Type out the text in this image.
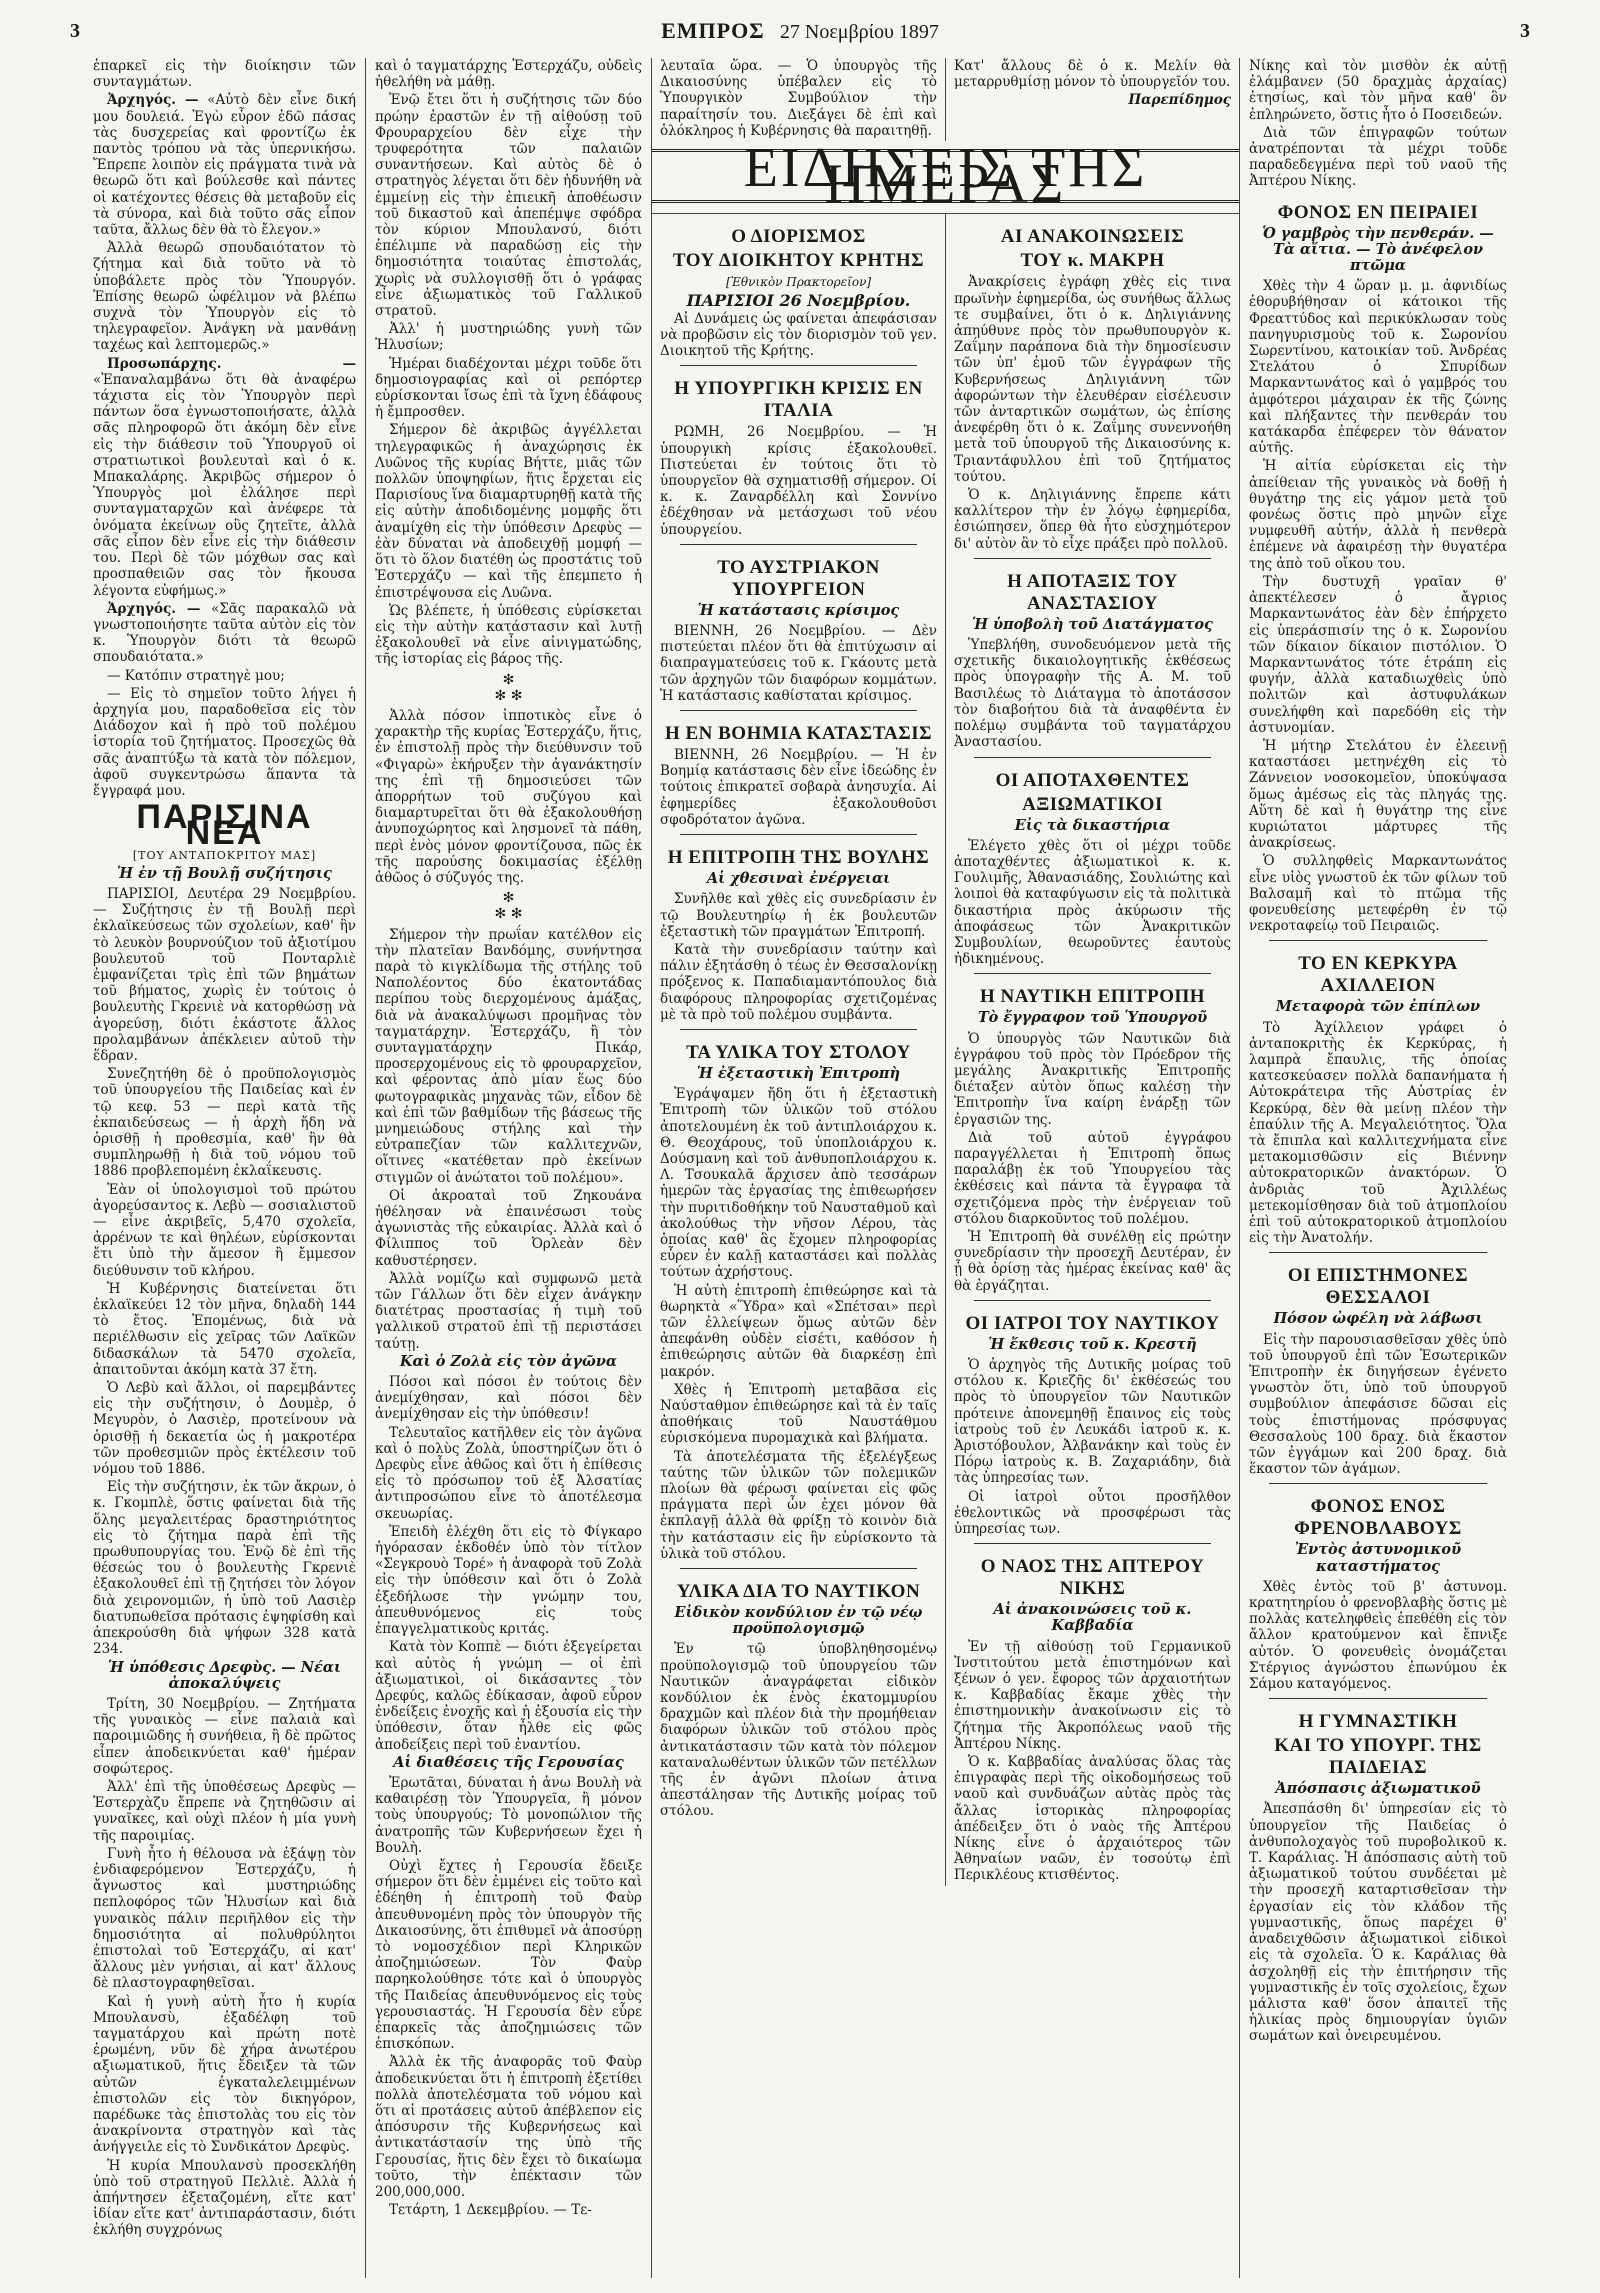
3	ΕΜΠΡΟΣ 27 Νοεμβρίου 1897	3

ἐπαρκεῖ εἰς τὴν διοίκησιν τῶν συνταγμάτων.

Ἀρχηγός. — «Αὐτὸ δὲν εἶνε δική μου δουλειά. Ἐγὼ εὗρον ἐδῶ πάσας τὰς δυσχερείας καὶ φροντίζω ἐκ παντὸς τρόπου νὰ τὰς ὑπερνικήσω. Ἔπρεπε λοιπὸν εἰς πράγματα τινὰ νὰ θεωρῶ ὅτι καὶ βούλεσθε καὶ πάντες οἱ κατέχοντες θέσεις θὰ μεταβοῦν εἰς τὰ σύνορα, καὶ διὰ τοῦτο σᾶς εἶπον ταῦτα, ἄλλως δὲν θὰ τὸ ἔλεγον.»

Ἀλλὰ θεωρῶ σπουδαιότατον τὸ ζήτημα καὶ διὰ τοῦτο νὰ τὸ ὑποβάλετε πρὸς τὸν Ὑπουργόν. Ἐπίσης θεωρῶ ὠφέλιμον νὰ βλέπω συχνὰ τὸν Ὑπουργὸν εἰς τὸ τηλεγραφεῖον. Ἀνάγκη νὰ μανθάνῃ ταχέως καὶ λεπτομερῶς.»

Προσωπάρχης. — «Ἐπαναλαμβάνω ὅτι θὰ ἀναφέρω τάχιστα εἰς τὸν Ὑπουργὸν περὶ πάντων ὅσα ἐγνωστοποιήσατε, ἀλλὰ σᾶς πληροφορῶ ὅτι ἀκόμη δὲν εἶνε εἰς τὴν διάθεσιν τοῦ Ὑπουργοῦ οἱ στρατιωτικοὶ βουλευταὶ καὶ ὁ κ. Μπακαλάρης. Ἀκριβῶς σήμερον ὁ Ὑπουργὸς μοὶ ἐλάλησε περὶ συνταγματαρχῶν καὶ ἀνέφερε τὰ ὀνόματα ἐκείνων οὓς ζητεῖτε, ἀλλὰ σᾶς εἶπον δὲν εἶνε εἰς τὴν διάθεσιν του. Περὶ δὲ τῶν μόχθων σας καὶ προσπαθειῶν σας τὸν ἤκουσα λέγοντα εὐφήμως.»

Ἀρχηγός. — «Σᾶς παρακαλῶ νὰ γνωστοποιήσητε ταῦτα αὐτὸν εἰς τὸν κ. Ὑπουργὸν διότι τὰ θεωρῶ σπουδαιότατα.»

— Κατόπιν στρατηγὲ μου;

— Εἰς τὸ σημεῖον τοῦτο λήγει ἡ ἀρχηγία μου, παραδοθεῖσα εἰς τὸν Διάδοχον καὶ ἡ πρὸ τοῦ πολέμου ἱστορία τοῦ ζητήματος. Προσεχῶς θὰ σᾶς ἀναπτύξω τὰ κατὰ τὸν πόλεμον, ἀφοῦ συγκεντρώσω ἅπαντα τὰ ἔγγραφά μου.

ΠΑΡΙΣΙΝΑ ΝΕΑ
[ΤΟΥ ΑΝΤΑΠΟΚΡΙΤΟΥ ΜΑΣ]
Ἡ ἐν τῇ Βουλῇ συζήτησις

ΠΑΡΙΣΙΟΙ, Δευτέρα 29 Νοεμβρίου. — Συζήτησις ἐν τῇ Βουλῇ περὶ ἐκλαϊκεύσεως τῶν σχολείων, καθ' ἣν τὸ λευκὸν βουρνούζιον τοῦ ἀξιοτίμου βουλευτοῦ τοῦ Πονταρλιὲ ἐμφανίζεται τρὶς ἐπὶ τῶν βημάτων τοῦ βήματος, χωρὶς ἐν τούτοις ὁ βουλευτὴς Γκρενιὲ νὰ κατορθώσῃ νὰ ἀγορεύσῃ, διότι ἐκάστοτε ἄλλος προλαμβάνων ἀπέκλειεν αὐτοῦ τὴν ἕδραν.

Συνεζητήθη δὲ ὁ προϋπολογισμὸς τοῦ ὑπουργείου τῆς Παιδείας καὶ ἐν τῷ κεφ. 53 — περὶ κατὰ τῆς ἐκπαιδεύσεως — ἡ ἀρχὴ ἤδη νὰ ὁρισθῇ ἡ προθεσμία, καθ' ἣν θὰ συμπληρωθῇ ἡ διὰ τοῦ νόμου τοῦ 1886 προβλεπομένη ἐκλαΐκευσις.

Ἐὰν οἱ ὑπολογισμοὶ τοῦ πρώτου ἀγορεύσαντος κ. Λεβὺ — σοσιαλιστοῦ — εἶνε ἀκριβεῖς, 5,470 σχολεῖα, ἀρρένων τε καὶ θηλέων, εὑρίσκονται ἔτι ὑπὸ τὴν ἄμεσον ἢ ἔμμεσον διεύθυνσιν τοῦ κλήρου.

Ἡ Κυβέρνησις διατείνεται ὅτι ἐκλαϊκεύει 12 τὸν μῆνα, δηλαδὴ 144 τὸ ἔτος. Ἑπομένως, διὰ νὰ περιέλθωσιν εἰς χεῖρας τῶν Λαϊκῶν διδασκάλων τὰ 5470 σχολεῖα, ἀπαιτοῦνται ἀκόμη κατὰ 37 ἔτη.

Ὁ Λεβὺ καὶ ἄλλοι, οἱ παρεμβάντες εἰς τὴν συζήτησιν, ὁ Δουμὲρ, ὁ Μεγυρὸν, ὁ Λασιὲρ, προτείνουν νὰ ὁρισθῇ ἡ δεκαετία ὡς ἡ μακροτέρα τῶν προθεσμιῶν πρὸς ἐκτέλεσιν τοῦ νόμου τοῦ 1886.

Εἰς τὴν συζήτησιν, ἐκ τῶν ἄκρων, ὁ κ. Γκομπλὲ, ὅστις φαίνεται διὰ τῆς ὅλης μεγαλειτέρας δραστηριότητος εἰς τὸ ζήτημα παρὰ ἐπὶ τῆς πρωθυπουργίας του. Ἐνῷ δὲ ἐπὶ τῆς θέσεώς του ὁ βουλευτὴς Γκρενιὲ ἐξακολουθεῖ ἐπὶ τῇ ζητήσει τὸν λόγον διὰ χειρονομιῶν, ἡ ὑπὸ τοῦ Λασιὲρ διατυπωθεῖσα πρότασις ἐψηφίσθη καὶ ἀπεκρούσθη διὰ ψήφων 328 κατὰ 234.

Ἡ ὑπόθεσις Δρεφὺς. — Νέαι ἀποκαλύψεις

Τρίτη, 30 Νοεμβρίου. — Ζητήματα τῆς γυναικὸς — εἶνε παλαιὰ καὶ παροιμιῶδης ἡ συνήθεια, ἢ δὲ πρῶτος εἶπεν ἀποδεικνύεται καθ' ἡμέραν σοφώτερος.

Ἀλλ' ἐπὶ τῆς ὑποθέσεως Δρεφὺς — Ἐστερχὰζυ ἔπρεπε νὰ ζητηθῶσιν αἱ γυναῖκες, καὶ οὐχὶ πλέον ἡ μία γυνὴ τῆς παροιμίας.

Γυνὴ ἦτο ἡ θέλουσα νὰ ἐξάψῃ τὸν ἐνδιαφερόμενον Ἐστερχάζυ, ἡ ἄγνωστος καὶ μυστηριώδης πεπλοφόρος τῶν Ἠλυσίων καὶ διὰ γυναικὸς πάλιν περιῆλθον εἰς τὴν δημοσιότητα αἱ πολυθρύλητοι ἐπιστολαὶ τοῦ Ἐστερχάζυ, αἱ κατ' ἄλλους μὲν γνήσιαι, αἱ κατ' ἄλλους δὲ πλαστογραφηθεῖσαι.

Καὶ ἡ γυνὴ αὐτὴ ἦτο ἡ κυρία Μπουλανσὺ, ἐξαδέλφη τοῦ ταγματάρχου καὶ πρώτη ποτὲ ἐρωμένη, νῦν δὲ χήρα ἀνωτέρου αξιωματικοῦ, ἥτις ἔδειξεν τὰ τῶν αὐτῶν ἐγκαταλελειμμένων ἐπιστολῶν εἰς τὸν δικηγόρον, παρέδωκε τὰς ἐπιστολὰς του εἰς τὸν ἀνακρίνοντα στρατηγὸν καὶ τὰς ἀνήγγειλε εἰς τὸ Συνδικάτον Δρεφὺς.

Ἡ κυρία Μπουλανσὺ προσεκλήθη ὑπὸ τοῦ στρατηγοῦ Πελλιὲ. Ἀλλὰ ἡ ἀπήντησεν ἐξεταζομένη, εἴτε κατ' ἰδίαν εἴτε κατ' ἀντιπαράστασιν, διότι ἐκλήθη συγχρόνως

καὶ ὁ ταγματάρχης Ἐστερχάζυ, οὐδεὶς ἠθελήθη νὰ μάθῃ.

Ἐνῷ ἔτει ὅτι ἡ συζήτησις τῶν δύο πρώην ἐραστῶν ἐν τῇ αἰθούσῃ τοῦ Φρουραρχείου δὲν εἶχε τὴν τρυφερότητα τῶν παλαιῶν συναντήσεων. Καὶ αὐτὸς δὲ ὁ στρατηγὸς λέγεται ὅτι δὲν ἠδυνήθη νὰ ἐμμείνῃ εἰς τὴν ἐπιεικῆ ἀποθέωσιν τοῦ δικαστοῦ καὶ ἀπεπέμψε σφόδρα τὸν κύριον Μπουλανσύ, διότι ἐπέλιμπε νὰ παραδώσῃ εἰς τὴν δημοσιότητα τοιαύτας ἐπιστολάς, χωρὶς νὰ συλλογισθῇ ὅτι ὁ γράφας εἶνε ἀξιωματικὸς τοῦ Γαλλικοῦ στρατοῦ.

Ἀλλ' ἡ μυστηριώδης γυνὴ τῶν Ἠλυσίων;

Ἡμέραι διαδέχονται μέχρι τοῦδε ὅτι δημοσιογραφίας καὶ οἱ ρεπόρτερ εὑρίσκονται ἴσως ἐπὶ τὰ ἴχνη ἐδάφους ἡ ἔμπροσθεν.

Σήμερον δὲ ἀκριβῶς ἀγγέλλεται τηλεγραφικῶς ἡ ἀναχώρησις ἐκ Λυῶνος τῆς κυρίας Βήττε, μιᾶς τῶν πολλῶν ὑποψηφίων, ἥτις ἔρχεται εἰς Παρισίους ἵνα διαμαρτυρηθῇ κατὰ τῆς εἰς αὐτὴν ἀποδιδομένης μομφῆς ὅτι ἀναμίχθη εἰς τὴν ὑπόθεσιν Δρεφὺς — ἐὰν δύναται νὰ ἀποδειχθῇ μομφή — ὅτι τὸ ὅλον διατέθη ὡς προστάτις τοῦ Ἐστερχάζυ — καὶ τῆς ἐπεμπετο ἡ ἐπιστρέψουσα εἰς Λυῶνα.

Ὡς βλέπετε, ἡ ὑπόθεσις εὑρίσκεται εἰς τὴν αὐτὴν κατάστασιν καὶ λυτῇ ἐξακολουθεῖ νὰ εἶνε αἰνιγματώδης, τῆς ἱστορίας εἰς βάρος τῆς.

✻
✻ ✻

Ἀλλὰ πόσον ἱπποτικὸς εἶνε ὁ χαρακτὴρ τῆς κυρίας Ἐστερχάζυ, ἥτις, ἐν ἐπιστολῇ πρὸς τὴν διεύθυνσιν τοῦ «Φιγαρὼ» ἐκήρυξεν τὴν ἀγανάκτησίν της ἐπὶ τῇ δημοσιεύσει τῶν ἀπορρήτων τοῦ συζύγου καὶ διαμαρτυρεῖται ὅτι θὰ ἐξακολουθήσῃ ἀνυποχώρητος καὶ λησμονεῖ τὰ πάθη, περὶ ἑνὸς μόνον φροντίζουσα, πῶς ἐκ τῆς παρούσης δοκιμασίας ἐξέλθῃ ἀθῶος ὁ σύζυγός της.

✻
✻ ✻

Σήμερον τὴν πρωΐαν κατέλθον εἰς τὴν πλατεῖαν Βανδόμης, συνήντησα παρὰ τὸ κιγκλίδωμα τῆς στήλης τοῦ Ναπολέοντος δύο ἑκατοντάδας περίπου τοὺς διερχομένους ἁμάξας, διὰ νὰ ἀνακαλύψωσι προμῆνας τὸν ταγματάρχην. Ἐστερχάζυ, ἢ τὸν συνταγματάρχην Πικάρ, προσερχομένους εἰς τὸ φρουραρχεῖον, καὶ φέροντας ἀπὸ μίαν ἕως δύο φωτογραφικὰς μηχανὰς τῶν, εἶδον δὲ καὶ ἐπὶ τῶν βαθμίδων τῆς βάσεως τῆς μνημειώδους στήλης καὶ τὴν εὐτραπεζίαν τῶν καλλιτεχνῶν, οἵτινες «κατέθεταν πρὸ ἐκείνων στιγμῶν οἱ ἀνώτατοι τοῦ πολέμου».

Οἱ ἀκροαταὶ τοῦ Ζηκουάνα ἠθέλησαν νὰ ἐπαινέσωσι τοὺς ἀγωνιστὰς τῆς εὐκαιρίας. Ἀλλὰ καὶ ὁ Φίλιππος τοῦ Ὀρλεὰν δὲν καθυστέρησεν.

Ἀλλὰ νομίζω καὶ συμφωνῶ μετὰ τῶν Γάλλων ὅτι δὲν εἶχεν ἀνάγκην διατέτρας προστασίας ἡ τιμὴ τοῦ γαλλικοῦ στρατοῦ ἐπὶ τῇ περιστάσει ταύτῃ.

Καὶ ὁ Ζολὰ εἰς τὸν ἀγῶνα

Πόσοι καὶ πόσοι ἐν τούτοις δὲν ἀνεμίχθησαν, καὶ πόσοι δὲν ἀνεμίχθησαν εἰς τὴν ὑπόθεσιν!

Τελευταῖος κατῆλθεν εἰς τὸν ἀγῶνα καὶ ὁ πολὺς Ζολὰ, ὑποστηρίζων ὅτι ὁ Δρεφὺς εἶνε ἀθῶος καὶ ὅτι ἡ ἐπίθεσις εἰς τὸ πρόσωπον τοῦ ἐξ Ἀλσατίας ἀντιπροσώπου εἶνε τὸ ἀποτέλεσμα σκευωρίας.

Ἐπειδὴ ἐλέχθη ὅτι εἰς τὸ Φίγκαρο ἠγόρασαν ἐκδοθέν ὑπὸ τὸν τίτλον «Σεγκρουὸ Τορέ» ἡ ἀναφορὰ τοῦ Ζολὰ εἰς τὴν ὑπόθεσιν καὶ ὅτι ὁ Ζολὰ ἐξεδήλωσε τὴν γνώμην του, ἀπευθυνόμενος εἰς τοὺς ἐπαγγελματικοὺς κριτάς.

Κατὰ τὸν Κοππὲ — διότι ἐξεγείρεται καὶ αὐτὸς ἡ γνώμη — οἱ ἐπὶ ἀξιωματικοὶ, οἱ δικάσαντες τὸν Δρεφύς, καλῶς ἐδίκασαν, ἀφοῦ εὗρον ἐνδείξεις ἐνοχῆς καὶ ἡ ἐξουσία εἰς τὴν ὑπόθεσιν, ὅταν ἦλθε εἰς φῶς ἀποδείξεις περὶ τοῦ ἐναντίου.

Αἱ διαθέσεις τῆς Γερουσίας

Ἐρωτᾶται, δύναται ἡ ἀνω Βουλὴ νὰ καθαιρέσῃ τὸν Ὑπουργεῖα, ἢ μόνον τοὺς ὑπουργούς; Τὸ μονοπώλιον τῆς ἀνατροπῆς τῶν Κυβερνήσεων ἔχει ἡ Βουλὴ.

Οὐχὶ ἔχτες ἡ Γερουσία ἔδειξε σήμερον ὅτι δὲν ἐμμένει εἰς τοῦτο καὶ ἐδέηθη ἡ ἐπιτροπὴ τοῦ Φαὺρ ἀπευθυνομένη πρὸς τὸν ὑπουργὸν τῆς Δικαιοσύνης, ὅτι ἐπιθυμεῖ νὰ ἀποσύρῃ τὸ νομοσχέδιον περὶ Κληρικῶν ἀποζημιώσεων. Τὸν Φαὺρ παρηκολούθησε τότε καὶ ὁ ὑπουργὸς τῆς Παιδείας ἀπευθυνόμενος εἰς τοὺς γερουσιαστάς. Ἡ Γερουσία δὲν εὗρε ἐπαρκεῖς τὰς ἀποζημιώσεις τῶν ἐπισκόπων.

Ἀλλὰ ἐκ τῆς ἀναφορᾶς τοῦ Φαὺρ ἀποδεικνύεται ὅτι ἡ ἐπιτροπὴ ἐξετίθει πολλὰ ἀποτελέσματα τοῦ νόμου καὶ ὅτι αἱ προτάσεις αὐτοῦ ἀπέβλεπον εἰς ἀπόσυρσιν τῆς Κυβερνήσεως καὶ ἀντικατάστασίν της ὑπὸ τῆς Γερουσίας, ἥτις δὲν ἔχει τὸ δικαίωμα τοῦτο, τὴν ἐπέκτασιν τῶν 200,000,000.

Τετάρτη, 1 Δεκεμβρίου. — Τε-

λευταῖα ὥρα. — Ὁ ὑπουργὸς τῆς Δικαιοσύνης ὑπέβαλεν εἰς τὸ Ὑπουργικὸν Συμβούλιον τὴν παραίτησίν του. Διεξάγει δὲ ἐπὶ καὶ ὁλόκληρος ἡ Κυβέρνησις θὰ παραιτηθῇ.

Κατ' ἄλλους δὲ ὁ κ. Μελίν θὰ μεταρρυθμίσῃ μόνον τὸ ὑπουργεῖόν του.

Παρεπίδημος
ΕΙΔΗΣΕΙΣ ΤΗΣ ΗΜΕΡΑΣ
Ο ΔΙΟΡΙΣΜΟΣ
ΤΟΥ ΔΙΟΙΚΗΤΟΥ ΚΡΗΤΗΣ
[Ἐθνικὸν Πρακτορεῖον]
ΠΑΡΙΣΙΟΙ 26 Νοεμβρίου.

Αἱ Δυνάμεις ὡς φαίνεται ἀπεφάσισαν νὰ προβῶσιν εἰς τὸν διορισμὸν τοῦ γεν. Διοικητοῦ τῆς Κρήτης.

Η ΥΠΟΥΡΓΙΚΗ ΚΡΙΣΙΣ ΕΝ ΙΤΑΛΙΑ

ΡΩΜΗ, 26 Νοεμβρίου. — Ἡ ὑπουργικὴ κρίσις ἐξακολουθεῖ. Πιστεύεται ἐν τούτοις ὅτι τὸ ὑπουργεῖον θὰ σχηματισθῇ σήμερον. Οἱ κ. κ. Ζαναρδέλλη καὶ Σοννίνο ἐδέχθησαν νὰ μετάσχωσι τοῦ νέου ὑπουργείου.

ΤΟ ΑΥΣΤΡΙΑΚΟΝ ΥΠΟΥΡΓΕΙΟΝ
Ἡ κατάστασις κρίσιμος

ΒΙΕΝΝΗ, 26 Νοεμβρίου. — Δὲν πιστεύεται πλέον ὅτι θὰ ἐπιτύχωσιν αἱ διαπραγματεύσεις τοῦ κ. Γκάουτς μετὰ τῶν ἀρχηγῶν τῶν διαφόρων κομμάτων. Ἡ κατάστασις καθίσταται κρίσιμος.

Η ΕΝ ΒΟΗΜΙΑ ΚΑΤΑΣΤΑΣΙΣ

ΒΙΕΝΝΗ, 26 Νοεμβρίου. — Ἡ ἐν Βοημίᾳ κατάστασις δὲν εἶνε ἰδεώδης ἐν τούτοις ἐπικρατεῖ σοβαρὰ ἀνησυχία. Αἱ ἐφημερίδες ἐξακολουθοῦσι σφοδρότατον ἀγῶνα.

Η ΕΠΙΤΡΟΠΗ ΤΗΣ ΒΟΥΛΗΣ
Αἱ χθεσιναὶ ἐνέργειαι

Συνῆλθε καὶ χθὲς εἰς συνεδρίασιν ἐν τῷ Βουλευτηρίῳ ἡ ἐκ βουλευτῶν ἐξεταστικὴ τῶν πραγμάτων Ἐπιτροπή.

Κατὰ τὴν συνεδρίασιν ταύτην καὶ πάλιν ἐξητάσθη ὁ τέως ἐν Θεσσαλονίκῃ πρόξενος κ. Παπαδιαμαντόπουλος διὰ διαφόρους πληροφορίας σχετιζομένας μὲ τὰ πρὸ τοῦ πολέμου συμβάντα.

ΤΑ ΥΛΙΚΑ ΤΟΥ ΣΤΟΛΟΥ
Ἡ ἐξεταστικὴ Ἐπιτροπὴ

Ἐγράψαμεν ἤδη ὅτι ἡ ἐξεταστικὴ Ἐπιτροπὴ τῶν ὑλικῶν τοῦ στόλου ἀποτελουμένη ἐκ τοῦ ἀντιπλοιάρχου κ. Θ. Θεοχάρους, τοῦ ὑποπλοιάρχου κ. Δούσμανη καὶ τοῦ ἀνθυποπλοιάρχου κ. Λ. Τσουκαλᾶ ἄρχισεν ἀπὸ τεσσάρων ἡμερῶν τὰς ἐργασίας της ἐπιθεωρήσεν τὴν πυριτιδοθήκην τοῦ Ναυσταθμοῦ καὶ ἀκολούθως τὴν νῆσον Λέρου, τὰς ὁποίας καθ' ἃς ἔχομεν πληροφορίας εὗρεν ἐν καλῇ καταστάσει καὶ πολλὰς τούτων ἀχρήστους.

Ἡ αὐτὴ ἐπιτροπὴ ἐπιθεώρησε καὶ τὰ θωρηκτὰ «Ὕδρα» καὶ «Σπέτσαι» περὶ τῶν ἐλλείψεων ὅμως αὐτῶν δὲν ἀπεφάνθη οὐδὲν εἰσέτι, καθόσον ἡ ἐπιθεώρησις αὐτῶν θὰ διαρκέσῃ ἐπὶ μακρόν.

Χθὲς ἡ Ἐπιτροπὴ μεταβᾶσα εἰς Ναύσταθμον ἐπιθεώρησε καὶ τὰ ἐν ταῖς ἀποθήκαις τοῦ Ναυστάθμου εὑρισκόμενα πυρομαχικὰ καὶ βλήματα.

Τὰ ἀποτελέσματα τῆς ἐξελέγξεως ταύτης τῶν ὑλικῶν τῶν πολεμικῶν πλοίων θὰ φέρωσι φαίνεται εἰς φῶς πράγματα περὶ ὧν ἐχει μόνον θὰ ἐκπλαγῇ ἀλλὰ θὰ φρίξῃ τὸ κοινὸν διὰ τὴν κατάστασιν εἰς ἣν εὑρίσκοντο τὰ ὑλικὰ τοῦ στόλου.

ΥΛΙΚΑ ΔΙΑ ΤΟ ΝΑΥΤΙΚΟΝ
Εἰδικὸν κονδύλιον ἐν τῷ νέῳ προϋπολογισμῷ

Ἐν τῷ ὑποβληθησομένῳ προϋπολογισμῷ τοῦ ὑπουργείου τῶν Ναυτικῶν ἀναγράφεται εἰδικὸν κονδύλιον ἐκ ἑνὸς ἑκατομμυρίου δραχμῶν καὶ πλέον διὰ τὴν προμήθειαν διαφόρων ὑλικῶν τοῦ στόλου πρὸς ἀντικατάστασιν τῶν κατὰ τὸν πόλεμον καταναλωθέντων ὑλικῶν τῶν πετέλλων τῆς ἐν ἀγῶνι πλοίων ἀτινα ἀπεστάλησαν τῆς Δυτικῆς μοίρας τοῦ στόλου.

ΑΙ ΑΝΑΚΟΙΝΩΣΕΙΣ
ΤΟΥ κ. ΜΑΚΡΗ

Ἀνακρίσεις ἐγράφη χθὲς εἰς τινα πρωϊνὴν ἐφημερίδα, ὡς συνήθως ἄλλως τε συμβαίνει, ὅτι ὁ κ. Δηλιγιάννης ἀπηύθυνε πρὸς τὸν πρωθυπουργὸν κ. Ζαΐμην παράπονα διὰ τὴν δημοσίευσιν τῶν ὑπ' ἐμοῦ τῶν ἐγγράφων τῆς Κυβερνήσεως Δηλιγιάννη τῶν ἀφορώντων τὴν ἐλευθέραν εἰσέλευσιν τῶν ἀνταρτικῶν σωμάτων, ὡς ἐπίσης ἀνεφέρθη ὅτι ὁ κ. Ζαΐμης συνεννοήθη μετὰ τοῦ ὑπουργοῦ τῆς Δικαιοσύνης κ. Τριαντάφυλλου ἐπὶ τοῦ ζητήματος τούτου.

Ὁ κ. Δηλιγιάννης ἔπρεπε κάτι καλλίτερον τὴν ἐν λόγῳ ἐφημερίδα, ἐσιώπησεν, ὅπερ θὰ ἦτο εὐσχημότερον δι' αὐτὸν ἂν τὸ εἶχε πράξει πρὸ πολλοῦ.

Η ΑΠΟΤΑΞΙΣ ΤΟΥ ΑΝΑΣΤΑΣΙΟΥ
Ἡ ὑποβολὴ τοῦ Διατάγματος

Ὑπεβλήθη, συνοδευόμενον μετὰ τῆς σχετικῆς δικαιολογητικῆς ἐκθέσεως πρὸς ὑπογραφὴν τῆς Α. Μ. τοῦ Βασιλέως τὸ Διάταγμα τὸ ἀποτάσσον τὸν διαβοήτου διὰ τὰ ἀναφθέντα ἐν πολέμῳ συμβάντα τοῦ ταγματάρχου Ἀναστασίου.

ΟΙ ΑΠΟΤΑΧΘΕΝΤΕΣ
ΑΞΙΩΜΑΤΙΚΟΙ
Εἰς τὰ δικαστήρια

Ἐλέγετο χθὲς ὅτι οἱ μέχρι τοῦδε ἀποταχθέντες ἀξιωματικοὶ κ. κ. Γουλιμῆς, Ἀθανασιάδης, Σουλιώτης καὶ λοιποὶ θὰ καταφύγωσιν εἰς τὰ πολιτικὰ δικαστήρια πρὸς ἀκύρωσιν τῆς ἀποφάσεως τῶν Ἀνακριτικῶν Συμβουλίων, θεωροῦντες ἑαυτοὺς ἠδικημένους.

Η ΝΑΥΤΙΚΗ ΕΠΙΤΡΟΠΗ
Τὸ ἔγγραφον τοῦ Ὑπουργοῦ

Ὁ ὑπουργὸς τῶν Ναυτικῶν διὰ ἐγγράφου τοῦ πρὸς τὸν Πρόεδρον τῆς μεγάλης Ἀνακριτικῆς Ἐπιτροπῆς διέταξεν αὐτὸν ὅπως καλέσῃ τὴν Ἐπιτροπὴν ἵνα καίρη ἐνάρξῃ τῶν ἐργασιῶν της.

Διὰ τοῦ αὐτοῦ ἐγγράφου παραγγέλλεται ἡ Ἐπιτροπὴ ὅπως παραλάβῃ ἐκ τοῦ Ὑπουργείου τὰς ἐκθέσεις καὶ πάντα τὰ ἔγγραφα τὰ σχετιζόμενα πρὸς τὴν ἐνέργειαν τοῦ στόλου διαρκοῦντος τοῦ πολέμου.

Ἡ Ἐπιτροπὴ θὰ συνέλθῃ εἰς πρώτην συνεδρίασιν τὴν προσεχῆ Δευτέραν, ἐν ᾗ θὰ ὁρίσῃ τὰς ἡμέρας ἐκείνας καθ' ἃς θὰ ἐργάζηται.

ΟΙ ΙΑΤΡΟΙ ΤΟΥ ΝΑΥΤΙΚΟΥ
Ἡ ἔκθεσις τοῦ κ. Κρεστῆ

Ὁ ἀρχηγὸς τῆς Δυτικῆς μοίρας τοῦ στόλου κ. Κριεζῆς δι' ἐκθέσεώς του πρὸς τὸ ὑπουργεῖον τῶν Ναυτικῶν πρότεινε ἀπονεμηθῇ ἔπαινος εἰς τοὺς ἰατροὺς τοῦ ἐν Λευκάδι ἰατροῦ κ. κ. Ἀριστόβουλον, Ἀλβανάκην καὶ τοὺς ἐν Πόρῳ ἰατροὺς κ. Β. Ζαχαριάδην, διὰ τὰς ὑπηρεσίας των.

Οἱ ἰατροὶ οὗτοι προσῆλθον ἐθελοντικῶς νὰ προσφέρωσι τὰς ὑπηρεσίας των.

Ο ΝΑΟΣ ΤΗΣ ΑΠΤΕΡΟΥ ΝΙΚΗΣ
Αἱ ἀνακοινώσεις τοῦ κ. Καββαδία

Ἐν τῇ αἰθούσῃ τοῦ Γερμανικοῦ Ἰνστιτούτου μετὰ ἐπιστημόνων καὶ ξένων ὁ γεν. ἔφορος τῶν ἀρχαιοτήτων κ. Καββαδίας ἔκαμε χθὲς τὴν ἐπιστημονικὴν ἀνακοίνωσιν εἰς τὸ ζήτημα τῆς Ἀκροπόλεως ναοῦ τῆς Ἀπτέρου Νίκης.

Ὁ κ. Καββαδίας ἀναλύσας ὅλας τὰς ἐπιγραφὰς περὶ τῆς οἰκοδομήσεως τοῦ ναοῦ καὶ συνδυάζων αὐτὰς πρὸς τὰς ἄλλας ἱστορικὰς πληροφορίας ἀπέδειξεν ὅτι ὁ ναὸς τῆς Ἀπτέρου Νίκης εἶνε ὁ ἀρχαιότερος τῶν Ἀθηναίων ναῶν, ἐν τοσούτῳ ἐπὶ Περικλέους κτισθέντος.

Νίκης καὶ τὸν μισθὸν ἐκ αὐτῇ ἐλάμβανεν (50 δραχμὰς ἀρχαίας) ἐτησίως, καὶ τὸν μῆνα καθ' ὃν ἐπληρώνετο, ὅστις ἦτο ὁ Ποσειδεών.

Διὰ τῶν ἐπιγραφῶν τούτων ἀνατρέπονται τὰ μέχρι τοῦδε παραδεδεγμένα περὶ τοῦ ναοῦ τῆς Ἀπτέρου Νίκης.

ΦΟΝΟΣ ΕΝ ΠΕΙΡΑΙΕΙ
Ὁ γαμβρὸς τὴν πενθεράν. — Τὰ αἴτια. — Τὸ ἀνέφελον πτῶμα

Χθὲς τὴν 4 ὥραν μ. μ. ἀφνιδίως ἐθορυβήθησαν οἱ κάτοικοι τῆς Φρεαττύδος καὶ περικύκλωσαν τοὺς πανηγυρισμοὺς τοῦ κ. Σωρονίου Σωρεντίνου, κατοικίαν τοῦ. Ἀνδρέας Στελάτου ὁ Σπυρίδων Μαρκαντωνάτος καὶ ὁ γαμβρός του ἀμφότεροι μάχαιραν ἐκ τῆς ζώνης καὶ πλήξαντες τὴν πενθεράν του κατάκαρδα ἐπέφερεν τὸν θάνατον αὐτῆς.

Ἡ αἰτία εὑρίσκεται εἰς τὴν ἀπείθειαν τῆς γυναικὸς νὰ δοθῇ ἡ θυγάτηρ της εἰς γάμον μετὰ τοῦ φονέως ὅστις πρὸ μηνῶν εἶχε νυμφευθῆ αὐτήν, ἀλλὰ ἡ πενθερὰ ἐπέμενε νὰ ἀφαιρέσῃ τὴν θυγατέρα της ἀπὸ τοῦ οἴκου του.

Τὴν δυστυχῆ γραῖαν θ' ἀπεκτέλεσεν ὁ ἄγριος Μαρκαντωνάτος ἐὰν δὲν ἐπήρχετο εἰς ὑπεράσπισίν της ὁ κ. Σωρονίου τῶν δίκαιον δίκαιον πιστόλιον. Ὁ Μαρκαντωνάτος τότε ἐτράπη εἰς φυγήν, ἀλλὰ καταδιωχθεὶς ὑπὸ πολιτῶν καὶ ἀστυφυλάκων συνελήφθη καὶ παρεδόθη εἰς τὴν ἀστυνομίαν.

Ἡ μήτηρ Στελάτου ἐν ἐλεεινῇ καταστάσει μετηνέχθη εἰς τὸ Ζάννειον νοσοκομεῖον, ὑποκύψασα ὅμως ἀμέσως εἰς τὰς πληγάς της. Αὕτη δὲ καὶ ἡ θυγάτηρ της εἶνε κυριώτατοι μάρτυρες τῆς ἀνακρίσεως.

Ὁ συλληφθεὶς Μαρκαντωνάτος εἶνε υἱὸς γνωστοῦ ἐκ τῶν φίλων τοῦ Βαλσαμῆ καὶ τὸ πτῶμα τῆς φονευθείσης μετεφέρθη ἐν τῷ νεκροταφείῳ τοῦ Πειραιῶς.

ΤΟ ΕΝ ΚΕΡΚΥΡΑ ΑΧΙΛΛΕΙΟΝ
Μεταφορὰ τῶν ἐπίπλων

Τὸ Ἀχίλλειον γράφει ὁ ἀνταποκριτὴς ἐκ Κερκύρας, ἡ λαμπρὰ ἔπαυλις, τῆς ὁποίας κατεσκεύασεν πολλὰ δαπανήματα ἡ Αὐτοκράτειρα τῆς Αὐστρίας ἐν Κερκύρᾳ, δὲν θὰ μείνῃ πλέον τὴν ἐπαύλιν τῆς Α. Μεγαλειότητος. Ὅλα τὰ ἔπιπλα καὶ καλλιτεχνήματα εἶνε μετακομισθῶσιν εἰς Βιέννην αὐτοκρατορικῶν ἀνακτόρων. Ὁ ἀνδριὰς τοῦ Ἀχιλλέως μετεκομίσθησαν διὰ τοῦ ἀτμοπλοίου ἐπὶ τοῦ αὐτοκρατορικοῦ ἀτμοπλοίου εἰς τὴν Ἀνατολήν.

ΟΙ ΕΠΙΣΤΗΜΟΝΕΣ ΘΕΣΣΑΛΟΙ
Πόσον ὠφέλη νὰ λάβωσι

Εἰς τὴν παρουσιασθεῖσαν χθὲς ὑπὸ τοῦ ὑπουργοῦ ἐπὶ τῶν Ἐσωτερικῶν Ἐπιτροπὴν ἐκ διηγήσεων ἐγένετο γνωστὸν ὅτι, ὑπὸ τοῦ ὑπουργοῦ συμβούλιον ἀπεφάσισε δῶσαι εἰς τοὺς ἐπιστήμονας πρόσφυγας Θεσσαλοὺς 100 δραχ. διὰ ἕκαστον τῶν ἐγγάμων καὶ 200 δραχ. διὰ ἕκαστον τῶν ἀγάμων.

ΦΟΝΟΣ ΕΝΟΣ ΦΡΕΝΟΒΛΑΒΟΥΣ
Ἐντὸς ἀστυνομικοῦ καταστήματος

Χθὲς ἐντὸς τοῦ β' ἀστυνομ. κρατητηρίου ὁ φρενοβλαβὴς ὅστις μὲ πολλὰς κατεληφθεὶς ἐπεθέθη εἰς τὸν ἄλλον κρατούμενον καὶ ἔπνιξε αὐτόν. Ὁ φονευθεὶς ὀνομάζεται Στέργιος ἀγνώστου ἐπωνύμου ἐκ Σάμου καταγόμενος.

Η ΓΥΜΝΑΣΤΙΚΗ
ΚΑΙ ΤΟ ΥΠΟΥΡΓ. ΤΗΣ ΠΑΙΔΕΙΑΣ
Ἀπόσπασις ἀξιωματικοῦ

Ἀπεσπάσθη δι' ὑπηρεσίαν εἰς τὸ ὑπουργεῖον τῆς Παιδείας ὁ ἀνθυπολοχαγὸς τοῦ πυροβολικοῦ κ. Τ. Καράλιας. Ἡ ἀπόσπασις αὐτὴ τοῦ ἀξιωματικοῦ τούτου συνδέεται μὲ τὴν προσεχῆ καταρτισθεῖσαν τὴν ἐργασίαν εἰς τὸν κλάδον τῆς γυμναστικῆς, ὅπως παρέχει θ' ἀναδειχθῶσιν ἀξιωματικοὶ εἰδικοὶ εἰς τὰ σχολεῖα. Ὁ κ. Καράλιας θὰ ἀσχοληθῇ εἰς τὴν ἐπιτήρησιν τῆς γυμναστικῆς ἐν τοῖς σχολείοις, ἔχων μάλιστα καθ' ὅσον ἀπαιτεῖ τῆς ἡλικίας πρὸς δημιουργίαν ὑγιῶν σωμάτων καὶ ὀνειρευμένου.
